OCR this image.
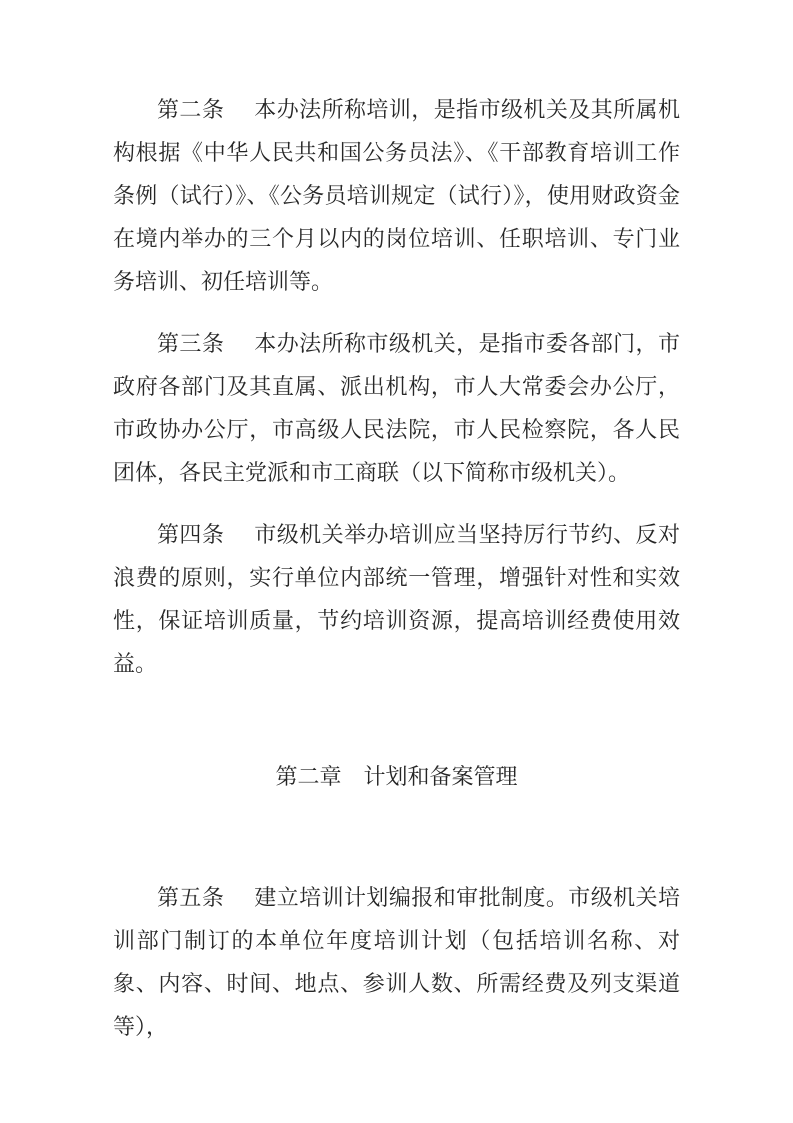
第二条 本办法所称培训，是指市级机关及其所属机构根据《中华人民共和国公务员法》、《干部教育培训工作条例（试行）》、《公务员培训规定（试行）》，使用财政资金在境内举办的三个月以内的岗位培训、任职培训、专门业务培训、初任培训等。

第三条 本办法所称市级机关，是指市委各部门，市政府各部门及其直属、派出机构，市人大常委会办公厅，市政协办公厅，市高级人民法院，市人民检察院，各人民团体，各民主党派和市工商联（以下简称市级机关）。

第四条 市级机关举办培训应当坚持厉行节约、反对浪费的原则，实行单位内部统一管理，增强针对性和实效性，保证培训质量，节约培训资源，提高培训经费使用效益。

第二章 计划和备案管理

第五条 建立培训计划编报和审批制度。市级机关培训部门制订的本单位年度培训计划（包括培训名称、对象、内容、时间、地点、参训人数、所需经费及列支渠道等），
